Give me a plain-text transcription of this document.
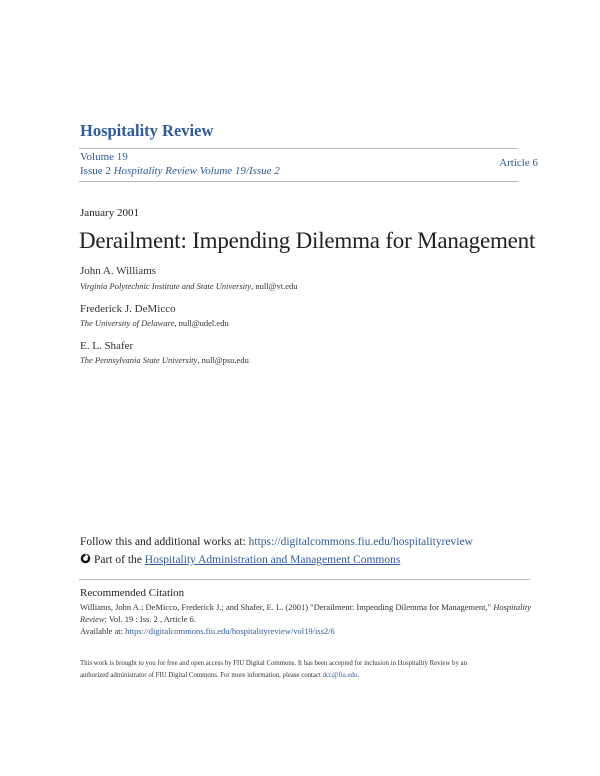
Hospitality Review
Volume 19
Issue 2 Hospitality Review Volume 19/Issue 2
Article 6
January 2001
Derailment: Impending Dilemma for Management
John A. Williams
Virginia Polytechnic Institute and State University, null@vt.edu
Frederick J. DeMicco
The University of Delaware, null@udel.edu
E. L. Shafer
The Pennsylvania State University, null@psu.edu
Follow this and additional works at: https://digitalcommons.fiu.edu/hospitalityreview
Part of the Hospitality Administration and Management Commons
Recommended Citation
Williams, John A.; DeMicco, Frederick J.; and Shafer, E. L. (2001) "Derailment: Impending Dilemma for Management," Hospitality
Review: Vol. 19 : Iss. 2 , Article 6.
Available at: https://digitalcommons.fiu.edu/hospitalityreview/vol19/iss2/6
This work is brought to you for free and open access by FIU Digital Commons. It has been accepted for inclusion in Hospitality Review by an
authorized administrator of FIU Digital Commons. For more information, please contact dcc@fiu.edu.
